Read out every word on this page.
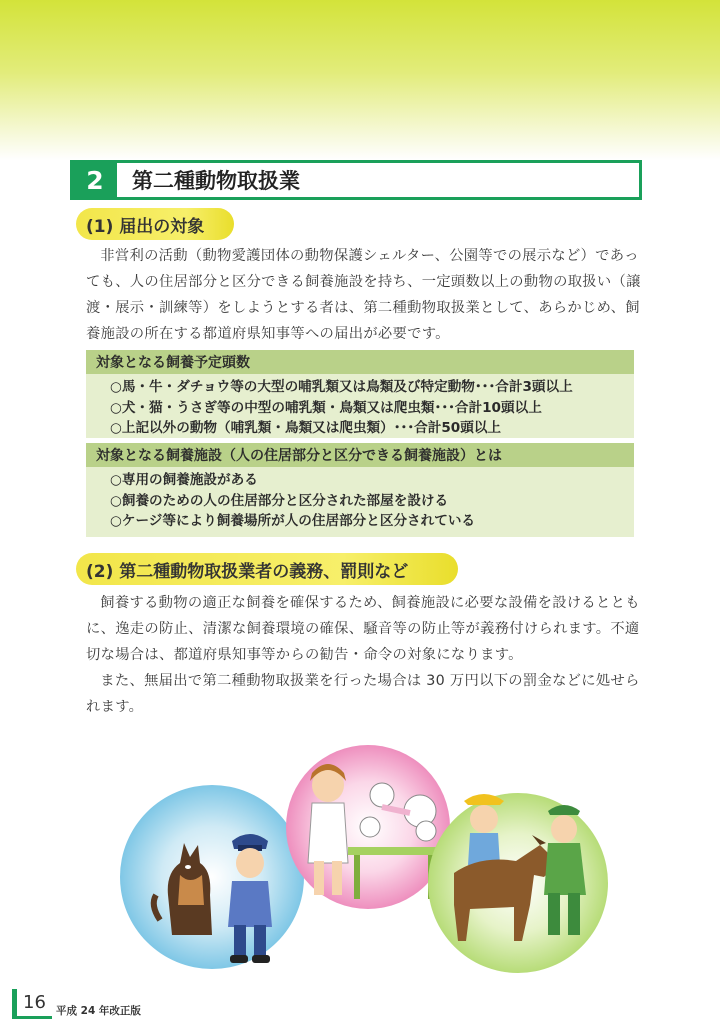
2	第二種動物取扱業
(1) 届出の対象

非営利の活動（動物愛護団体の動物保護シェルター、公園等での展示など）であっても、人の住居部分と区分できる飼養施設を持ち、一定頭数以上の動物の取扱い（譲渡・展示・訓練等）をしようとする者は、第二種動物取扱業として、あらかじめ、飼養施設の所在する都道府県知事等への届出が必要です。

対象となる飼養予定頭数
○馬・牛・ダチョウ等の大型の哺乳類又は鳥類及び特定動物･･･合計3頭以上
○犬・猫・うさぎ等の中型の哺乳類・鳥類又は爬虫類･･･合計10頭以上
○上記以外の動物（哺乳類・鳥類又は爬虫類）･･･合計50頭以上
対象となる飼養施設（人の住居部分と区分できる飼養施設）とは
○専用の飼養施設がある
○飼養のための人の住居部分と区分された部屋を設ける
○ケージ等により飼養場所が人の住居部分と区分されている
(2) 第二種動物取扱業者の義務、罰則など

飼養する動物の適正な飼養を確保するため、飼養施設に必要な設備を設けるとともに、逸走の防止、清潔な飼養環境の確保、騒音等の防止等が義務付けられます。不適切な場合は、都道府県知事等からの勧告・命令の対象になります。

また、無届出で第二種動物取扱業を行った場合は 30 万円以下の罰金などに処せられます。

16 平成 24 年改正版
